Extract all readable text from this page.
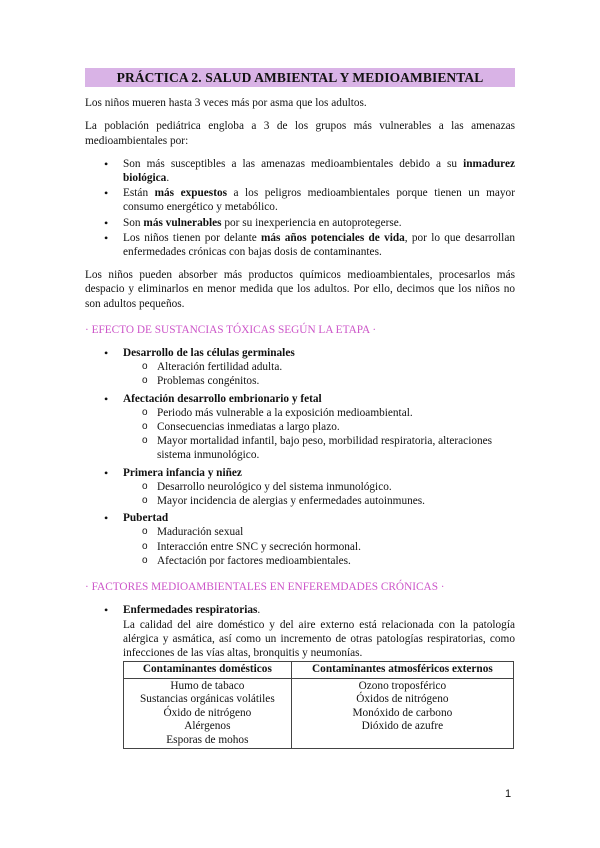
PRÁCTICA 2. SALUD AMBIENTAL Y MEDIOAMBIENTAL

Los niños mueren hasta 3 veces más por asma que los adultos.

La población pediátrica engloba a 3 de los grupos más vulnerables a las amenazas medioambientales por:

• Son más susceptibles a las amenazas medioambientales debido a su inmadurez biológica.
• Están más expuestos a los peligros medioambientales porque tienen un mayor consumo energético y metabólico.
• Son más vulnerables por su inexperiencia en autoprotegerse.
• Los niños tienen por delante más años potenciales de vida, por lo que desarrollan enfermedades crónicas con bajas dosis de contaminantes.

Los niños pueden absorber más productos químicos medioambientales, procesarlos más despacio y eliminarlos en menor medida que los adultos. Por ello, decimos que los niños no son adultos pequeños.

· EFECTO DE SUSTANCIAS TÓXICAS SEGÚN LA ETAPA ·
• Desarrollo de las células germinales
o Alteración fertilidad adulta.
o Problemas congénitos.
• Afectación desarrollo embrionario y fetal
o Periodo más vulnerable a la exposición medioambiental.
o Consecuencias inmediatas a largo plazo.
o Mayor mortalidad infantil, bajo peso, morbilidad respiratoria, alteraciones sistema inmunológico.
• Primera infancia y niñez
o Desarrollo neurológico y del sistema inmunológico.
o Mayor incidencia de alergias y enfermedades autoinmunes.
• Pubertad
o Maduración sexual
o Interacción entre SNC y secreción hormonal.
o Afectación por factores medioambientales.
· FACTORES MEDIOAMBIENTALES EN ENFEREMDADES CRÓNICAS ·
• Enfermedades respiratorias.
La calidad del aire doméstico y del aire externo está relacionada con la patología alérgica y asmática, así como un incremento de otras patologías respiratorias, como infecciones de las vías altas, bronquitis y neumonías.
Contaminantes domésticos	Contaminantes atmosféricos externos
Humo de tabaco	Ozono troposférico
Sustancias orgánicas volátiles	Óxidos de nitrógeno
Óxido de nitrógeno	Monóxido de carbono
Alérgenos	Dióxido de azufre
Esporas de mohos	
1
